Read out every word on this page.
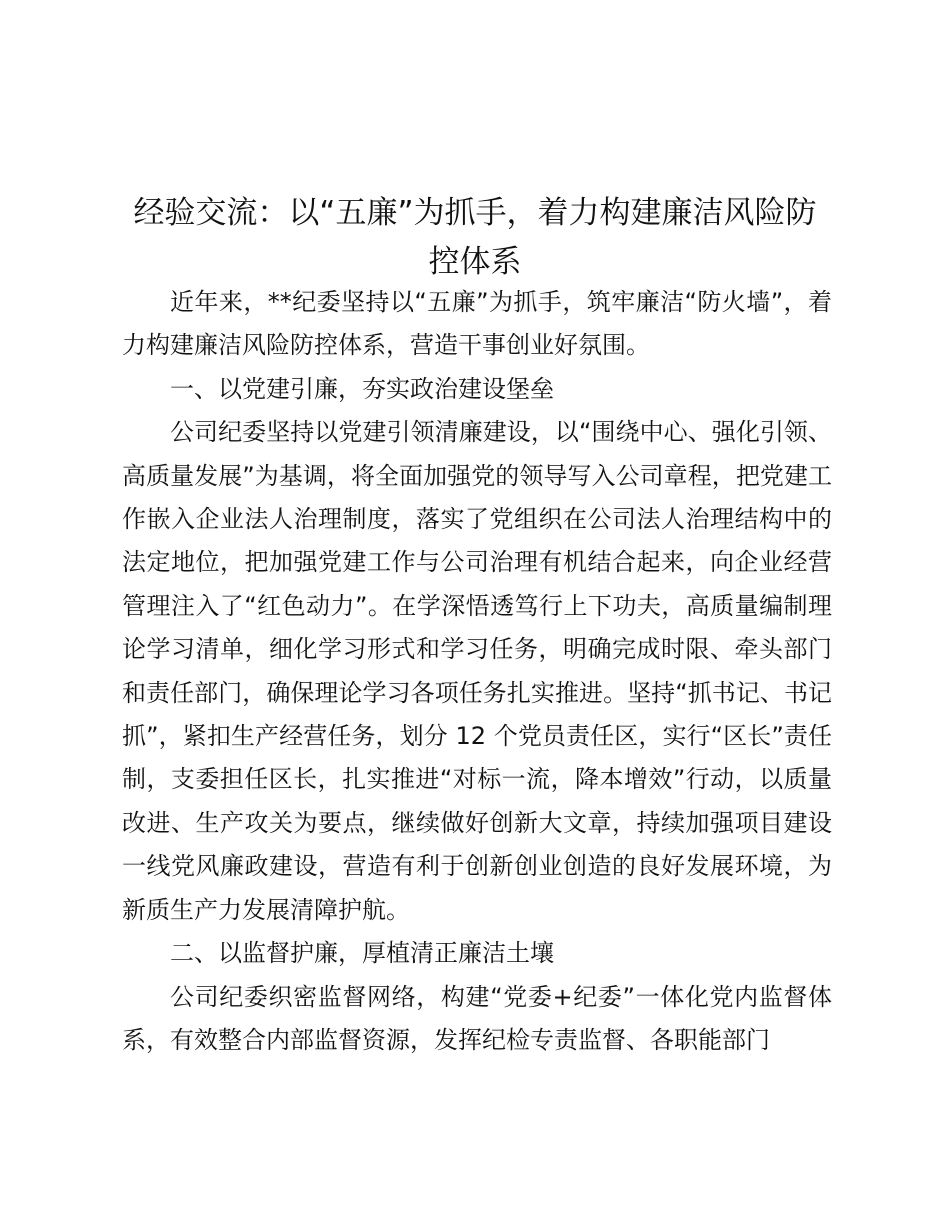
经验交流：以“五廉”为抓手，着力构建廉洁风险防控体系

近年来，**纪委坚持以“五廉”为抓手，筑牢廉洁“防火墙”，着力构建廉洁风险防控体系，营造干事创业好氛围。

一、以党建引廉，夯实政治建设堡垒

公司纪委坚持以党建引领清廉建设，以“围绕中心、强化引领、高质量发展”为基调，将全面加强党的领导写入公司章程，把党建工作嵌入企业法人治理制度，落实了党组织在公司法人治理结构中的法定地位，把加强党建工作与公司治理有机结合起来，向企业经营管理注入了“红色动力”。在学深悟透笃行上下功夫，高质量编制理论学习清单，细化学习形式和学习任务，明确完成时限、牵头部门和责任部门，确保理论学习各项任务扎实推进。坚持“抓书记、书记抓”，紧扣生产经营任务，划分 12 个党员责任区，实行“区长”责任制，支委担任区长，扎实推进“对标一流，降本增效”行动，以质量改进、生产攻关为要点，继续做好创新大文章，持续加强项目建设一线党风廉政建设，营造有利于创新创业创造的良好发展环境，为新质生产力发展清障护航。

二、以监督护廉，厚植清正廉洁土壤

公司纪委织密监督网络，构建“党委+纪委”一体化党内监督体系，有效整合内部监督资源，发挥纪检专责监督、各职能部门
